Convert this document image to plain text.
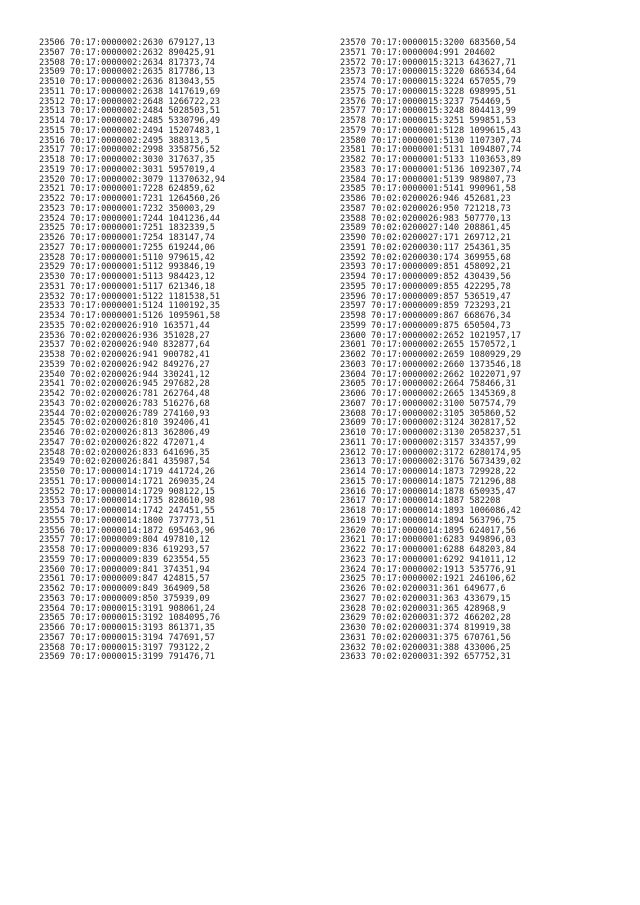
23506 70:17:0000002:2630 679127,13
23507 70:17:0000002:2632 890425,91
23508 70:17:0000002:2634 817373,74
23509 70:17:0000002:2635 817786,13
23510 70:17:0000002:2636 813043,55
23511 70:17:0000002:2638 1417619,69
23512 70:17:0000002:2648 1266722,23
23513 70:17:0000002:2484 5028503,51
23514 70:17:0000002:2485 5330796,49
23515 70:17:0000002:2494 15207483,1
23516 70:17:0000002:2495 388313,5
23517 70:17:0000002:2998 3358756,52
23518 70:17:0000002:3030 317637,35
23519 70:17:0000002:3031 5957019,4
23520 70:17:0000002:3079 11370632,94
23521 70:17:0000001:7228 624859,62
23522 70:17:0000001:7231 1264560,26
23523 70:17:0000001:7232 350003,29
23524 70:17:0000001:7244 1041236,44
23525 70:17:0000001:7251 1832339,5
23526 70:17:0000001:7254 183147,74
23527 70:17:0000001:7255 619244,06
23528 70:17:0000001:5110 979615,42
23529 70:17:0000001:5112 993846,19
23530 70:17:0000001:5113 984423,12
23531 70:17:0000001:5117 621346,18
23532 70:17:0000001:5122 1181538,51
23533 70:17:0000001:5124 1100192,35
23534 70:17:0000001:5126 1095961,58
23535 70:02:0200026:910 163571,44
23536 70:02:0200026:936 351028,27
23537 70:02:0200026:940 832877,64
23538 70:02:0200026:941 900782,41
23539 70:02:0200026:942 849276,27
23540 70:02:0200026:944 330241,12
23541 70:02:0200026:945 297682,28
23542 70:02:0200026:781 262764,48
23543 70:02:0200026:783 516276,68
23544 70:02:0200026:789 274160,93
23545 70:02:0200026:810 392406,41
23546 70:02:0200026:813 362806,49
23547 70:02:0200026:822 472071,4
23548 70:02:0200026:833 641696,35
23549 70:02:0200026:841 435987,54
23550 70:17:0000014:1719 441724,26
23551 70:17:0000014:1721 269035,24
23552 70:17:0000014:1729 908122,15
23553 70:17:0000014:1735 828610,98
23554 70:17:0000014:1742 247451,55
23555 70:17:0000014:1800 737773,51
23556 70:17:0000014:1872 695463,96
23557 70:17:0000009:804 497810,12
23558 70:17:0000009:836 619293,57
23559 70:17:0000009:839 623554,55
23560 70:17:0000009:841 374351,94
23561 70:17:0000009:847 424815,57
23562 70:17:0000009:849 364909,58
23563 70:17:0000009:850 375939,09
23564 70:17:0000015:3191 908061,24
23565 70:17:0000015:3192 1084095,76
23566 70:17:0000015:3193 861371,35
23567 70:17:0000015:3194 747691,57
23568 70:17:0000015:3197 793122,2
23569 70:17:0000015:3199 791476,71
23570 70:17:0000015:3200 683560,54
23571 70:17:0000004:991 204602
23572 70:17:0000015:3213 643627,71
23573 70:17:0000015:3220 686534,64
23574 70:17:0000015:3224 657055,79
23575 70:17:0000015:3228 698995,51
23576 70:17:0000015:3237 754469,5
23577 70:17:0000015:3248 804413,99
23578 70:17:0000015:3251 599851,53
23579 70:17:0000001:5128 1099615,43
23580 70:17:0000001:5130 1107307,74
23581 70:17:0000001:5131 1094807,74
23582 70:17:0000001:5133 1103653,89
23583 70:17:0000001:5136 1092307,74
23584 70:17:0000001:5139 989807,73
23585 70:17:0000001:5141 990961,58
23586 70:02:0200026:946 452681,23
23587 70:02:0200026:950 721218,73
23588 70:02:0200026:983 507770,13
23589 70:02:0200027:140 208861,45
23590 70:02:0200027:171 269712,21
23591 70:02:0200030:117 254361,35
23592 70:02:0200030:174 369955,68
23593 70:17:0000009:851 458092,21
23594 70:17:0000009:852 430439,56
23595 70:17:0000009:855 422295,78
23596 70:17:0000009:857 536519,47
23597 70:17:0000009:859 723293,21
23598 70:17:0000009:867 668676,34
23599 70:17:0000009:875 650504,73
23600 70:17:0000002:2652 1021957,17
23601 70:17:0000002:2655 1570572,1
23602 70:17:0000002:2659 1080929,29
23603 70:17:0000002:2660 1373546,18
23604 70:17:0000002:2662 1022071,97
23605 70:17:0000002:2664 758466,31
23606 70:17:0000002:2665 1345369,8
23607 70:17:0000002:3100 507574,79
23608 70:17:0000002:3105 305860,52
23609 70:17:0000002:3124 302817,52
23610 70:17:0000002:3130 2058237,51
23611 70:17:0000002:3157 334357,99
23612 70:17:0000002:3172 6280174,95
23613 70:17:0000002:3176 5673439,02
23614 70:17:0000014:1873 729928,22
23615 70:17:0000014:1875 721296,88
23616 70:17:0000014:1878 650935,47
23617 70:17:0000014:1887 582208
23618 70:17:0000014:1893 1006086,42
23619 70:17:0000014:1894 563796,75
23620 70:17:0000014:1895 624017,56
23621 70:17:0000001:6283 949896,03
23622 70:17:0000001:6288 648203,84
23623 70:17:0000001:6292 941011,12
23624 70:17:0000002:1913 535776,91
23625 70:17:0000002:1921 246106,62
23626 70:02:0200031:361 649677,6
23627 70:02:0200031:363 433679,15
23628 70:02:0200031:365 428968,9
23629 70:02:0200031:372 466202,28
23630 70:02:0200031:374 819919,38
23631 70:02:0200031:375 670761,56
23632 70:02:0200031:388 433006,25
23633 70:02:0200031:392 657752,31
